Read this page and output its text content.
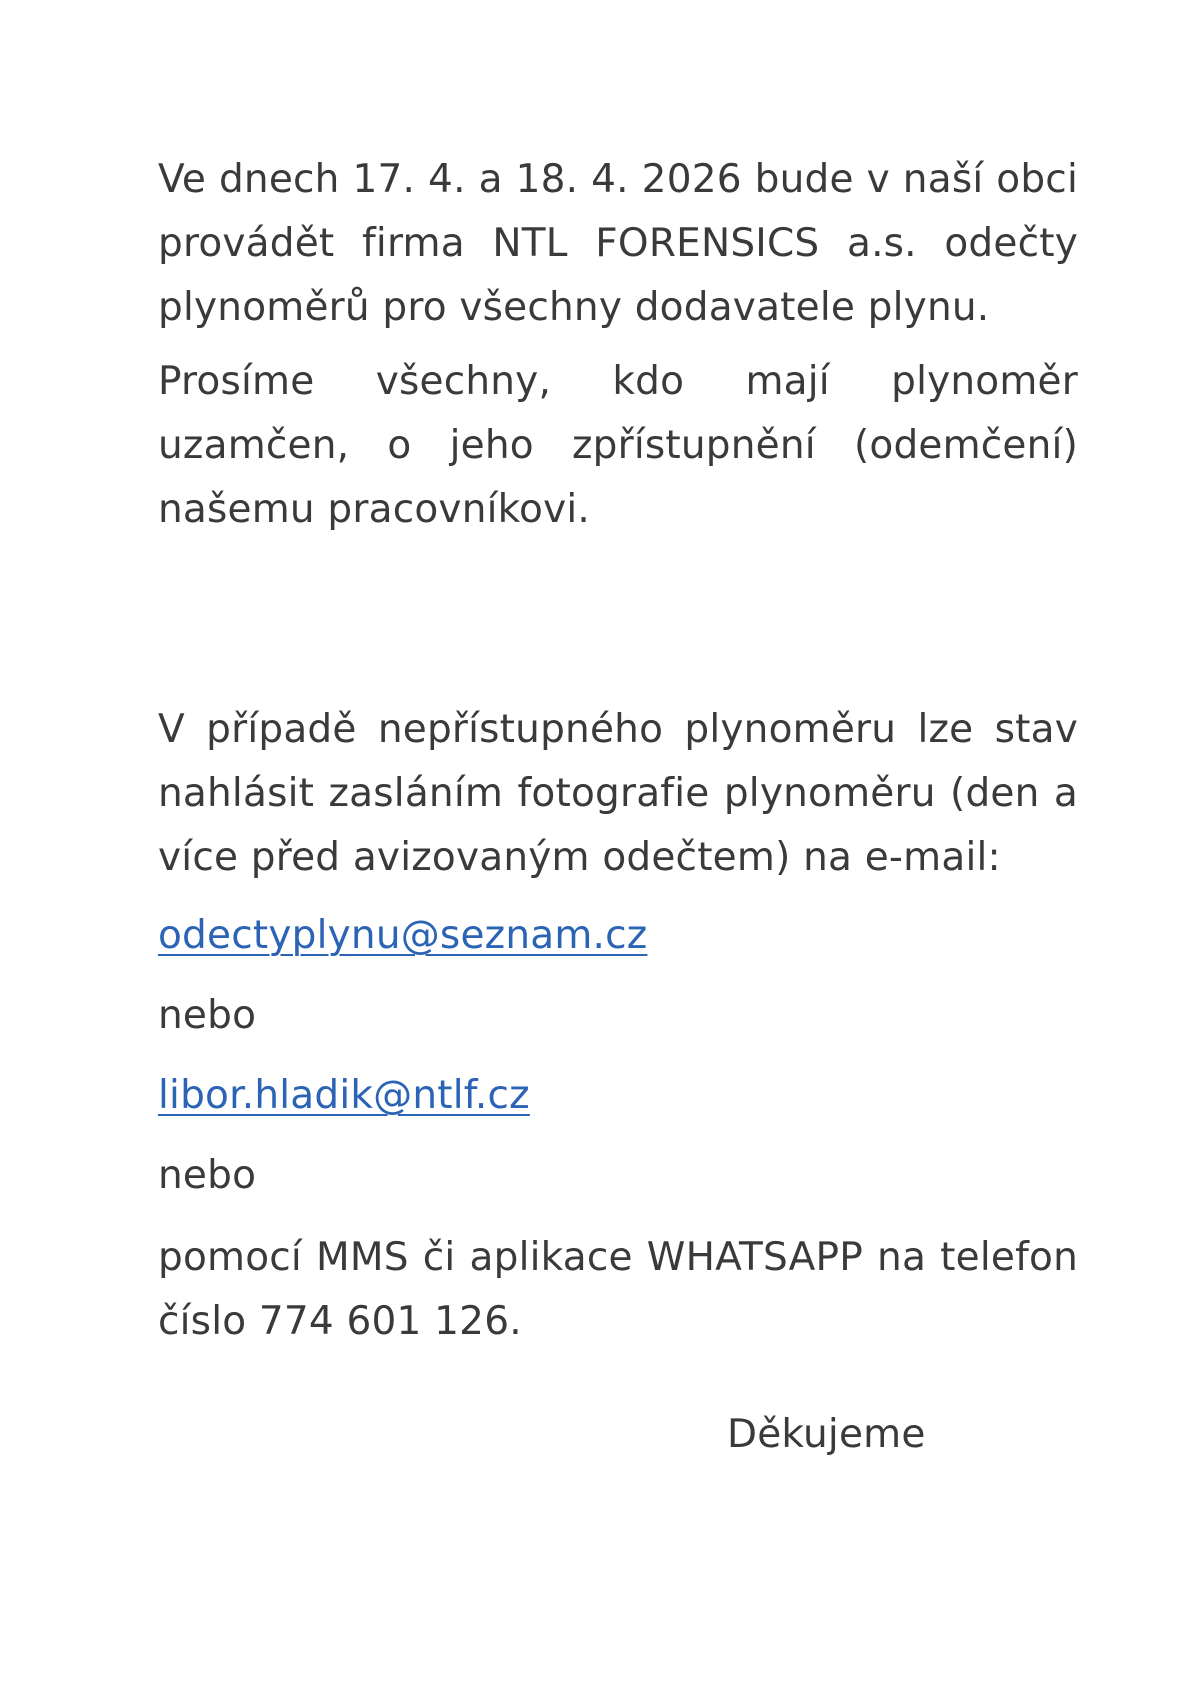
Ve dnech 17. 4. a 18. 4. 2026 bude v naší obci provádět firma NTL FORENSICS a.s. odečty plynoměrů pro všechny dodavatele plynu.

Prosíme všechny, kdo mají plynoměr uzamčen, o jeho zpřístupnění (odemčení) našemu pracovníkovi.

V případě nepřístupného plynoměru lze stav nahlásit zasláním fotografie plynoměru (den a více před avizovaným odečtem) na e-mail:

odectyplynu@seznam.cz

nebo

libor.hladik@ntlf.cz

nebo

pomocí MMS či aplikace WHATSAPP na telefon číslo 774 601 126.

Děkujeme
